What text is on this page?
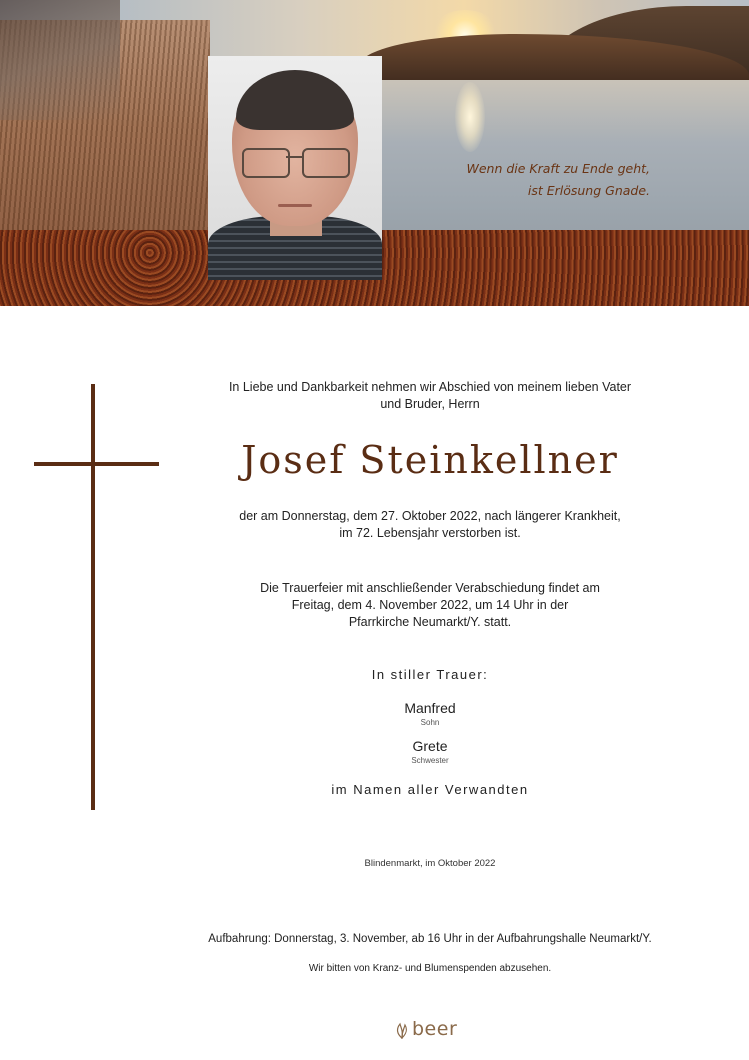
Wenn die Kraft zu Ende geht,
ist Erlösung Gnade.
In Liebe und Dankbarkeit nehmen wir Abschied von meinem lieben Vater
und Bruder, Herrn
Josef Steinkellner
der am Donnerstag, dem 27. Oktober 2022, nach längerer Krankheit,
im 72. Lebensjahr verstorben ist.
Die Trauerfeier mit anschließender Verabschiedung findet am
Freitag, dem 4. November 2022, um 14 Uhr in der
Pfarrkirche Neumarkt/Y. statt.
In stiller Trauer:
Manfred
Sohn
Grete
Schwester
im Namen aller Verwandten
Blindenmarkt, im Oktober 2022
Aufbahrung: Donnerstag, 3. November, ab 16 Uhr in der Aufbahrungshalle Neumarkt/Y.
Wir bitten von Kranz- und Blumenspenden abzusehen.
beer
